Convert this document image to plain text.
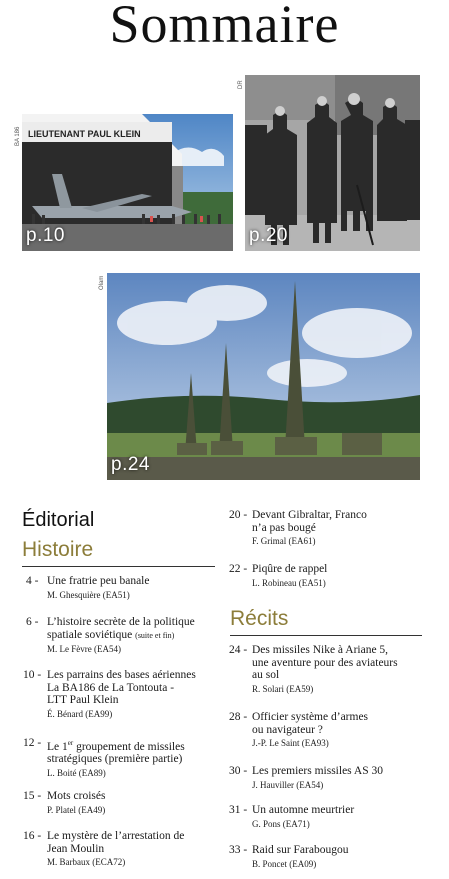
Sommaire
LIEUTENANT PAUL KLEIN
p.10
BA 186
p.20
DR
p.24
Olam
Éditorial
Histoire
4 - Une fratrie peu banale
M. Ghesquière (EA51)
6 - L’histoire secrète de la politique
spatiale soviétique (suite et fin)
M. Le Fèvre (EA54)
10 - Les parrains des bases aériennes
La BA186 de La Tontouta -
LTT Paul Klein
É. Bénard (EA99)
12 - Le 1er groupement de missiles
stratégiques (première partie)
L. Boité (EA89)
15 - Mots croisés
P. Platel (EA49)
16 - Le mystère de l’arrestation de
Jean Moulin
M. Barbaux (ECA72)
20 - Devant Gibraltar, Franco
n’a pas bougé
F. Grimal (EA61)
22 - Piqûre de rappel
L. Robineau (EA51)
Récits
24 - Des missiles Nike à Ariane 5,
une aventure pour des aviateurs
au sol
R. Solari (EA59)
28 - Officier système d’armes
ou navigateur ?
J.-P. Le Saint (EA93)
30 - Les premiers missiles AS 30
J. Hauviller (EA54)
31 - Un automne meurtrier
G. Pons (EA71)
33 - Raid sur Farabougou
B. Poncet (EA09)
